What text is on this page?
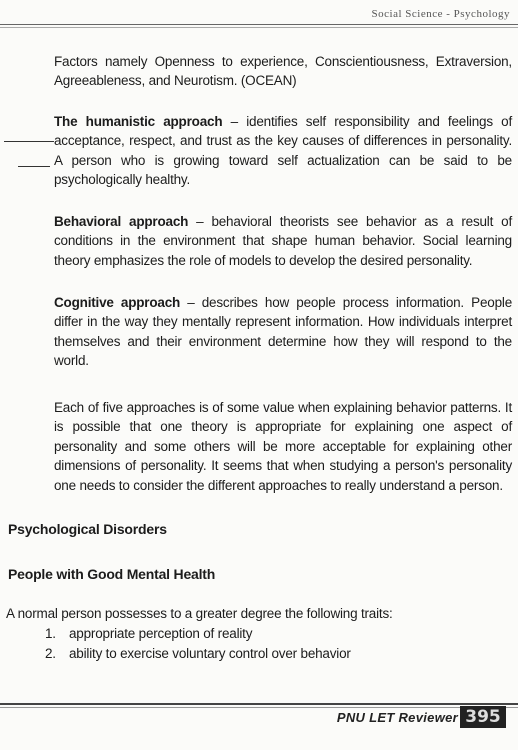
Social Science - Psychology

Factors namely Openness to experience, Conscientiousness, Extraversion, Agreeableness, and Neurotism. (OCEAN)

The humanistic approach – identifies self responsibility and feelings of acceptance, respect, and trust as the key causes of differences in personality. A person who is growing toward self actualization can be said to be psychologically healthy.

Behavioral approach – behavioral theorists see behavior as a result of conditions in the environment that shape human behavior. Social learning theory emphasizes the role of models to develop the desired personality.

Cognitive approach – describes how people process information. People differ in the way they mentally represent information. How individuals interpret themselves and their environment determine how they will respond to the world.

Each of five approaches is of some value when explaining behavior patterns. It is possible that one theory is appropriate for explaining one aspect of personality and some others will be more acceptable for explaining other dimensions of personality. It seems that when studying a person's personality one needs to consider the different approaches to really understand a person.

Psychological Disorders
People with Good Mental Health

A normal person possesses to a greater degree the following traits:

1. appropriate perception of reality
2. ability to exercise voluntary control over behavior
PNU LET Reviewer 395
